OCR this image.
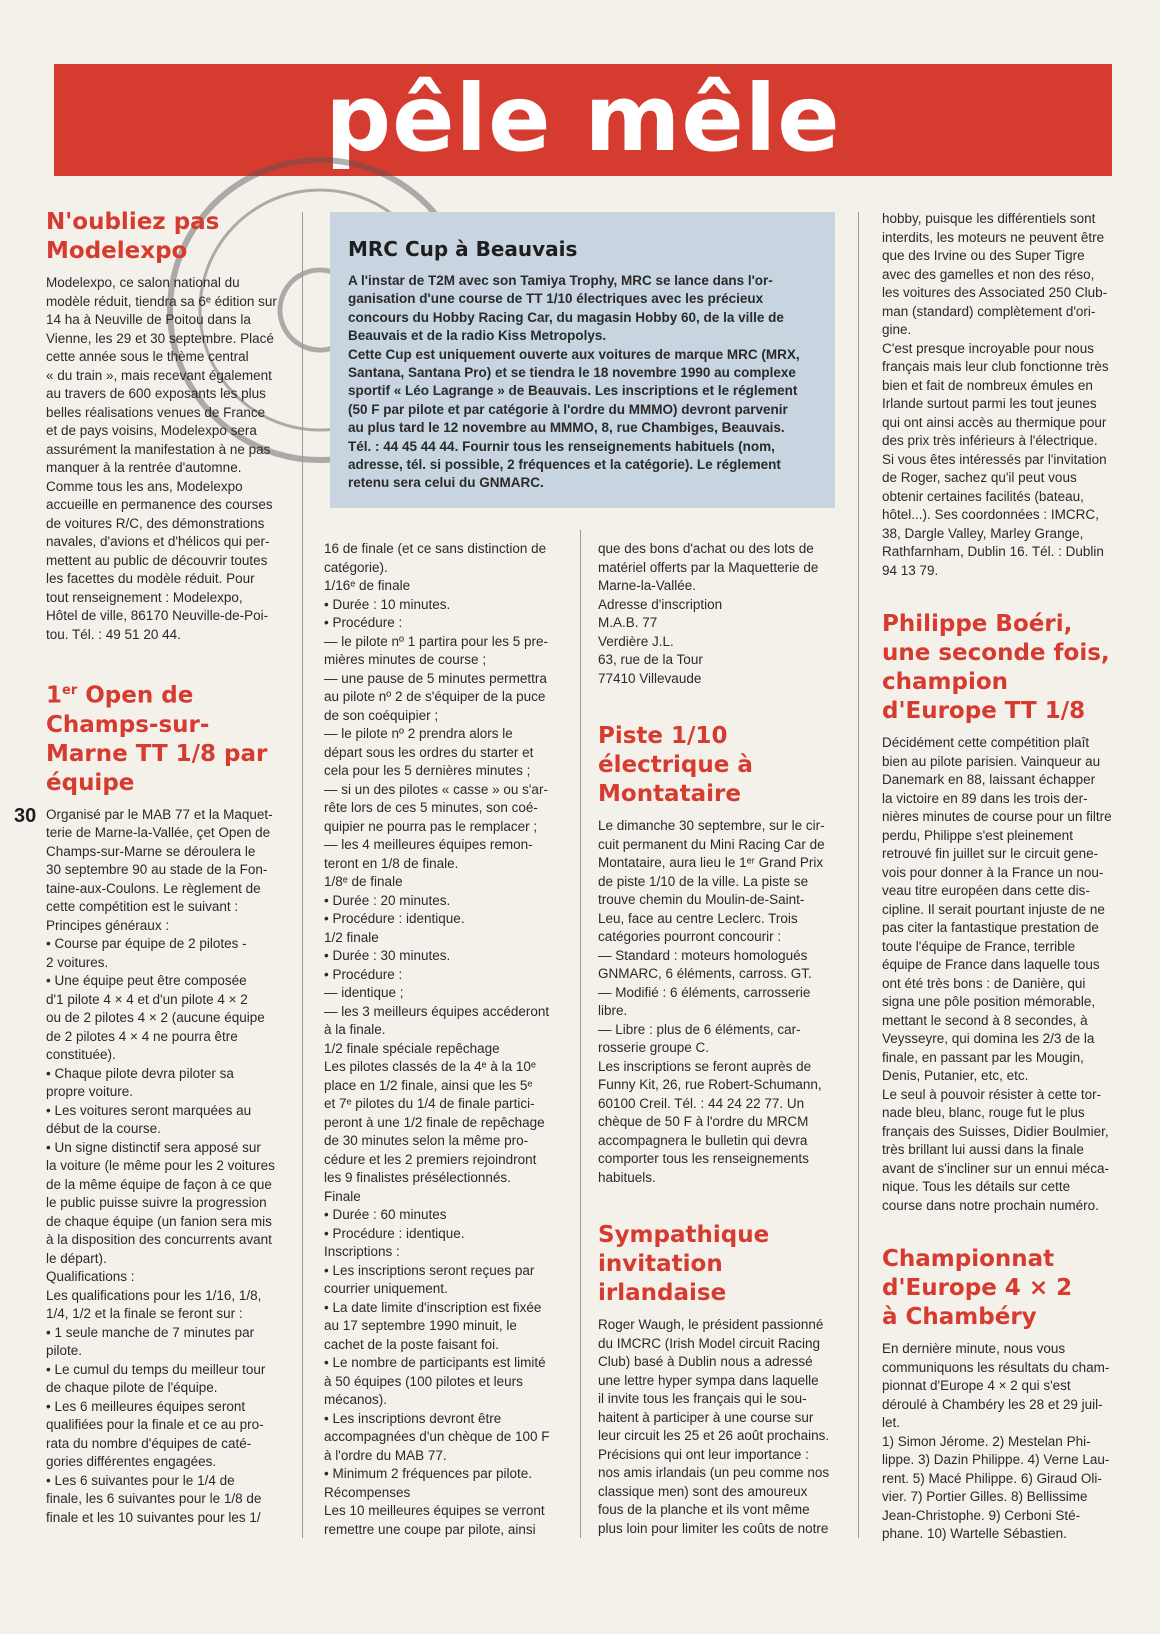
pêle mêle
30
N'oubliez pas
Modelexpo

Modelexpo, ce salon national du
modèle réduit, tiendra sa 6ᵉ édition sur
14 ha à Neuville de Poitou dans la
Vienne, les 29 et 30 septembre. Placé
cette année sous le thème central
« du train », mais recevant également
au travers de 600 exposants les plus
belles réalisations venues de France
et de pays voisins, Modelexpo sera
assurément la manifestation à ne pas
manquer à la rentrée d'automne.
Comme tous les ans, Modelexpo
accueille en permanence des courses
de voitures R/C, des démonstrations
navales, d'avions et d'hélicos qui per-
mettent au public de découvrir toutes
les facettes du modèle réduit. Pour
tout renseignement : Modelexpo,
Hôtel de ville, 86170 Neuville-de-Poi-
tou. Tél. : 49 51 20 44.

1er Open de
Champs-sur-
Marne TT 1/8 par
équipe

Organisé par le MAB 77 et la Maquet-
terie de Marne-la-Vallée, çet Open de
Champs-sur-Marne se déroulera le
30 septembre 90 au stade de la Fon-
taine-aux-Coulons. Le règlement de
cette compétition est le suivant :
Principes généraux :
• Course par équipe de 2 pilotes -
2 voitures.
• Une équipe peut être composée
d'1 pilote 4 × 4 et d'un pilote 4 × 2
ou de 2 pilotes 4 × 2 (aucune équipe
de 2 pilotes 4 × 4 ne pourra être
constituée).
• Chaque pilote devra piloter sa
propre voiture.
• Les voitures seront marquées au
début de la course.
• Un signe distinctif sera apposé sur
la voiture (le même pour les 2 voitures
de la même équipe de façon à ce que
le public puisse suivre la progression
de chaque équipe (un fanion sera mis
à la disposition des concurrents avant
le départ).
Qualifications :
Les qualifications pour les 1/16, 1/8,
1/4, 1/2 et la finale se feront sur :
• 1 seule manche de 7 minutes par
pilote.
• Le cumul du temps du meilleur tour
de chaque pilote de l'équipe.
• Les 6 meilleures équipes seront
qualifiées pour la finale et ce au pro-
rata du nombre d'équipes de caté-
gories différentes engagées.
• Les 6 suivantes pour le 1/4 de
finale, les 6 suivantes pour le 1/8 de
finale et les 10 suivantes pour les 1/

MRC Cup à Beauvais

A l'instar de T2M avec son Tamiya Trophy, MRC se lance dans l'or-
ganisation d'une course de TT 1/10 électriques avec les précieux
concours du Hobby Racing Car, du magasin Hobby 60, de la ville de
Beauvais et de la radio Kiss Metropolys.
Cette Cup est uniquement ouverte aux voitures de marque MRC (MRX,
Santana, Santana Pro) et se tiendra le 18 novembre 1990 au complexe
sportif « Léo Lagrange » de Beauvais. Les inscriptions et le réglement
(50 F par pilote et par catégorie à l'ordre du MMMO) devront parvenir
au plus tard le 12 novembre au MMMO, 8, rue Chambiges, Beauvais.
Tél. : 44 45 44 44. Fournir tous les renseignements habituels (nom,
adresse, tél. si possible, 2 fréquences et la catégorie). Le réglement
retenu sera celui du GNMARC.

16 de finale (et ce sans distinction de
catégorie).
1/16ᵉ de finale
• Durée : 10 minutes.
• Procédure :
— le pilote nº 1 partira pour les 5 pre-
mières minutes de course ;
— une pause de 5 minutes permettra
au pilote nº 2 de s'équiper de la puce
de son coéquipier ;
— le pilote nº 2 prendra alors le
départ sous les ordres du starter et
cela pour les 5 dernières minutes ;
— si un des pilotes « casse » ou s'ar-
rête lors de ces 5 minutes, son coé-
quipier ne pourra pas le remplacer ;
— les 4 meilleures équipes remon-
teront en 1/8 de finale.
1/8ᵉ de finale
• Durée : 20 minutes.
• Procédure : identique.
1/2 finale
• Durée : 30 minutes.
• Procédure :
— identique ;
— les 3 meilleurs équipes accéderont
à la finale.
1/2 finale spéciale repêchage
Les pilotes classés de la 4ᵉ à la 10ᵉ
place en 1/2 finale, ainsi que les 5ᵉ
et 7ᵉ pilotes du 1/4 de finale partici-
peront à une 1/2 finale de repêchage
de 30 minutes selon la même pro-
cédure et les 2 premiers rejoindront
les 9 finalistes présélectionnés.
Finale
• Durée : 60 minutes
• Procédure : identique.
Inscriptions :
• Les inscriptions seront reçues par
courrier uniquement.
• La date limite d'inscription est fixée
au 17 septembre 1990 minuit, le
cachet de la poste faisant foi.
• Le nombre de participants est limité
à 50 équipes (100 pilotes et leurs
mécanos).
• Les inscriptions devront être
accompagnées d'un chèque de 100 F
à l'ordre du MAB 77.
• Minimum 2 fréquences par pilote.
Récompenses
Les 10 meilleures équipes se verront
remettre une coupe par pilote, ainsi

que des bons d'achat ou des lots de
matériel offerts par la Maquetterie de
Marne-la-Vallée.
Adresse d'inscription
M.A.B. 77
Verdière J.L.
63, rue de la Tour
77410 Villevaude

Piste 1/10
électrique à
Montataire

Le dimanche 30 septembre, sur le cir-
cuit permanent du Mini Racing Car de
Montataire, aura lieu le 1ᵉʳ Grand Prix
de piste 1/10 de la ville. La piste se
trouve chemin du Moulin-de-Saint-
Leu, face au centre Leclerc. Trois
catégories pourront concourir :
— Standard : moteurs homologués
GNMARC, 6 éléments, carross. GT.
— Modifié : 6 éléments, carrosserie
libre.
— Libre : plus de 6 éléments, car-
rosserie groupe C.
Les inscriptions se feront auprès de
Funny Kit, 26, rue Robert-Schumann,
60100 Creil. Tél. : 44 24 22 77. Un
chèque de 50 F à l'ordre du MRCM
accompagnera le bulletin qui devra
comporter tous les renseignements
habituels.

Sympathique
invitation
irlandaise

Roger Waugh, le président passionné
du IMCRC (Irish Model circuit Racing
Club) basé à Dublin nous a adressé
une lettre hyper sympa dans laquelle
il invite tous les français qui le sou-
haitent à participer à une course sur
leur circuit les 25 et 26 août prochains.
Précisions qui ont leur importance :
nos amis irlandais (un peu comme nos
classique men) sont des amoureux
fous de la planche et ils vont même
plus loin pour limiter les coûts de notre

hobby, puisque les différentiels sont
interdits, les moteurs ne peuvent être
que des Irvine ou des Super Tigre
avec des gamelles et non des réso,
les voitures des Associated 250 Club-
man (standard) complètement d'ori-
gine.
C'est presque incroyable pour nous
français mais leur club fonctionne très
bien et fait de nombreux émules en
Irlande surtout parmi les tout jeunes
qui ont ainsi accès au thermique pour
des prix très inférieurs à l'électrique.
Si vous êtes intéressés par l'invitation
de Roger, sachez qu'il peut vous
obtenir certaines facilités (bateau,
hôtel...). Ses coordonnées : IMCRC,
38, Dargle Valley, Marley Grange,
Rathfarnham, Dublin 16. Tél. : Dublin
94 13 79.

Philippe Boéri,
une seconde fois,
champion
d'Europe TT 1/8

Décidément cette compétition plaît
bien au pilote parisien. Vainqueur au
Danemark en 88, laissant échapper
la victoire en 89 dans les trois der-
nières minutes de course pour un filtre
perdu, Philippe s'est pleinement
retrouvé fin juillet sur le circuit gene-
vois pour donner à la France un nou-
veau titre européen dans cette dis-
cipline. Il serait pourtant injuste de ne
pas citer la fantastique prestation de
toute l'équipe de France, terrible
équipe de France dans laquelle tous
ont été très bons : de Danière, qui
signa une pôle position mémorable,
mettant le second à 8 secondes, à
Veysseyre, qui domina les 2/3 de la
finale, en passant par les Mougin,
Denis, Putanier, etc, etc.
Le seul à pouvoir résister à cette tor-
nade bleu, blanc, rouge fut le plus
français des Suisses, Didier Boulmier,
très brillant lui aussi dans la finale
avant de s'incliner sur un ennui méca-
nique. Tous les détails sur cette
course dans notre prochain numéro.

Championnat
d'Europe 4 × 2
à Chambéry

En dernière minute, nous vous
communiquons les résultats du cham-
pionnat d'Europe 4 × 2 qui s'est
déroulé à Chambéry les 28 et 29 juil-
let.
1) Simon Jérome. 2) Mestelan Phi-
lippe. 3) Dazin Philippe. 4) Verne Lau-
rent. 5) Macé Philippe. 6) Giraud Oli-
vier. 7) Portier Gilles. 8) Bellissime
Jean-Christophe. 9) Cerboni Sté-
phane. 10) Wartelle Sébastien.
